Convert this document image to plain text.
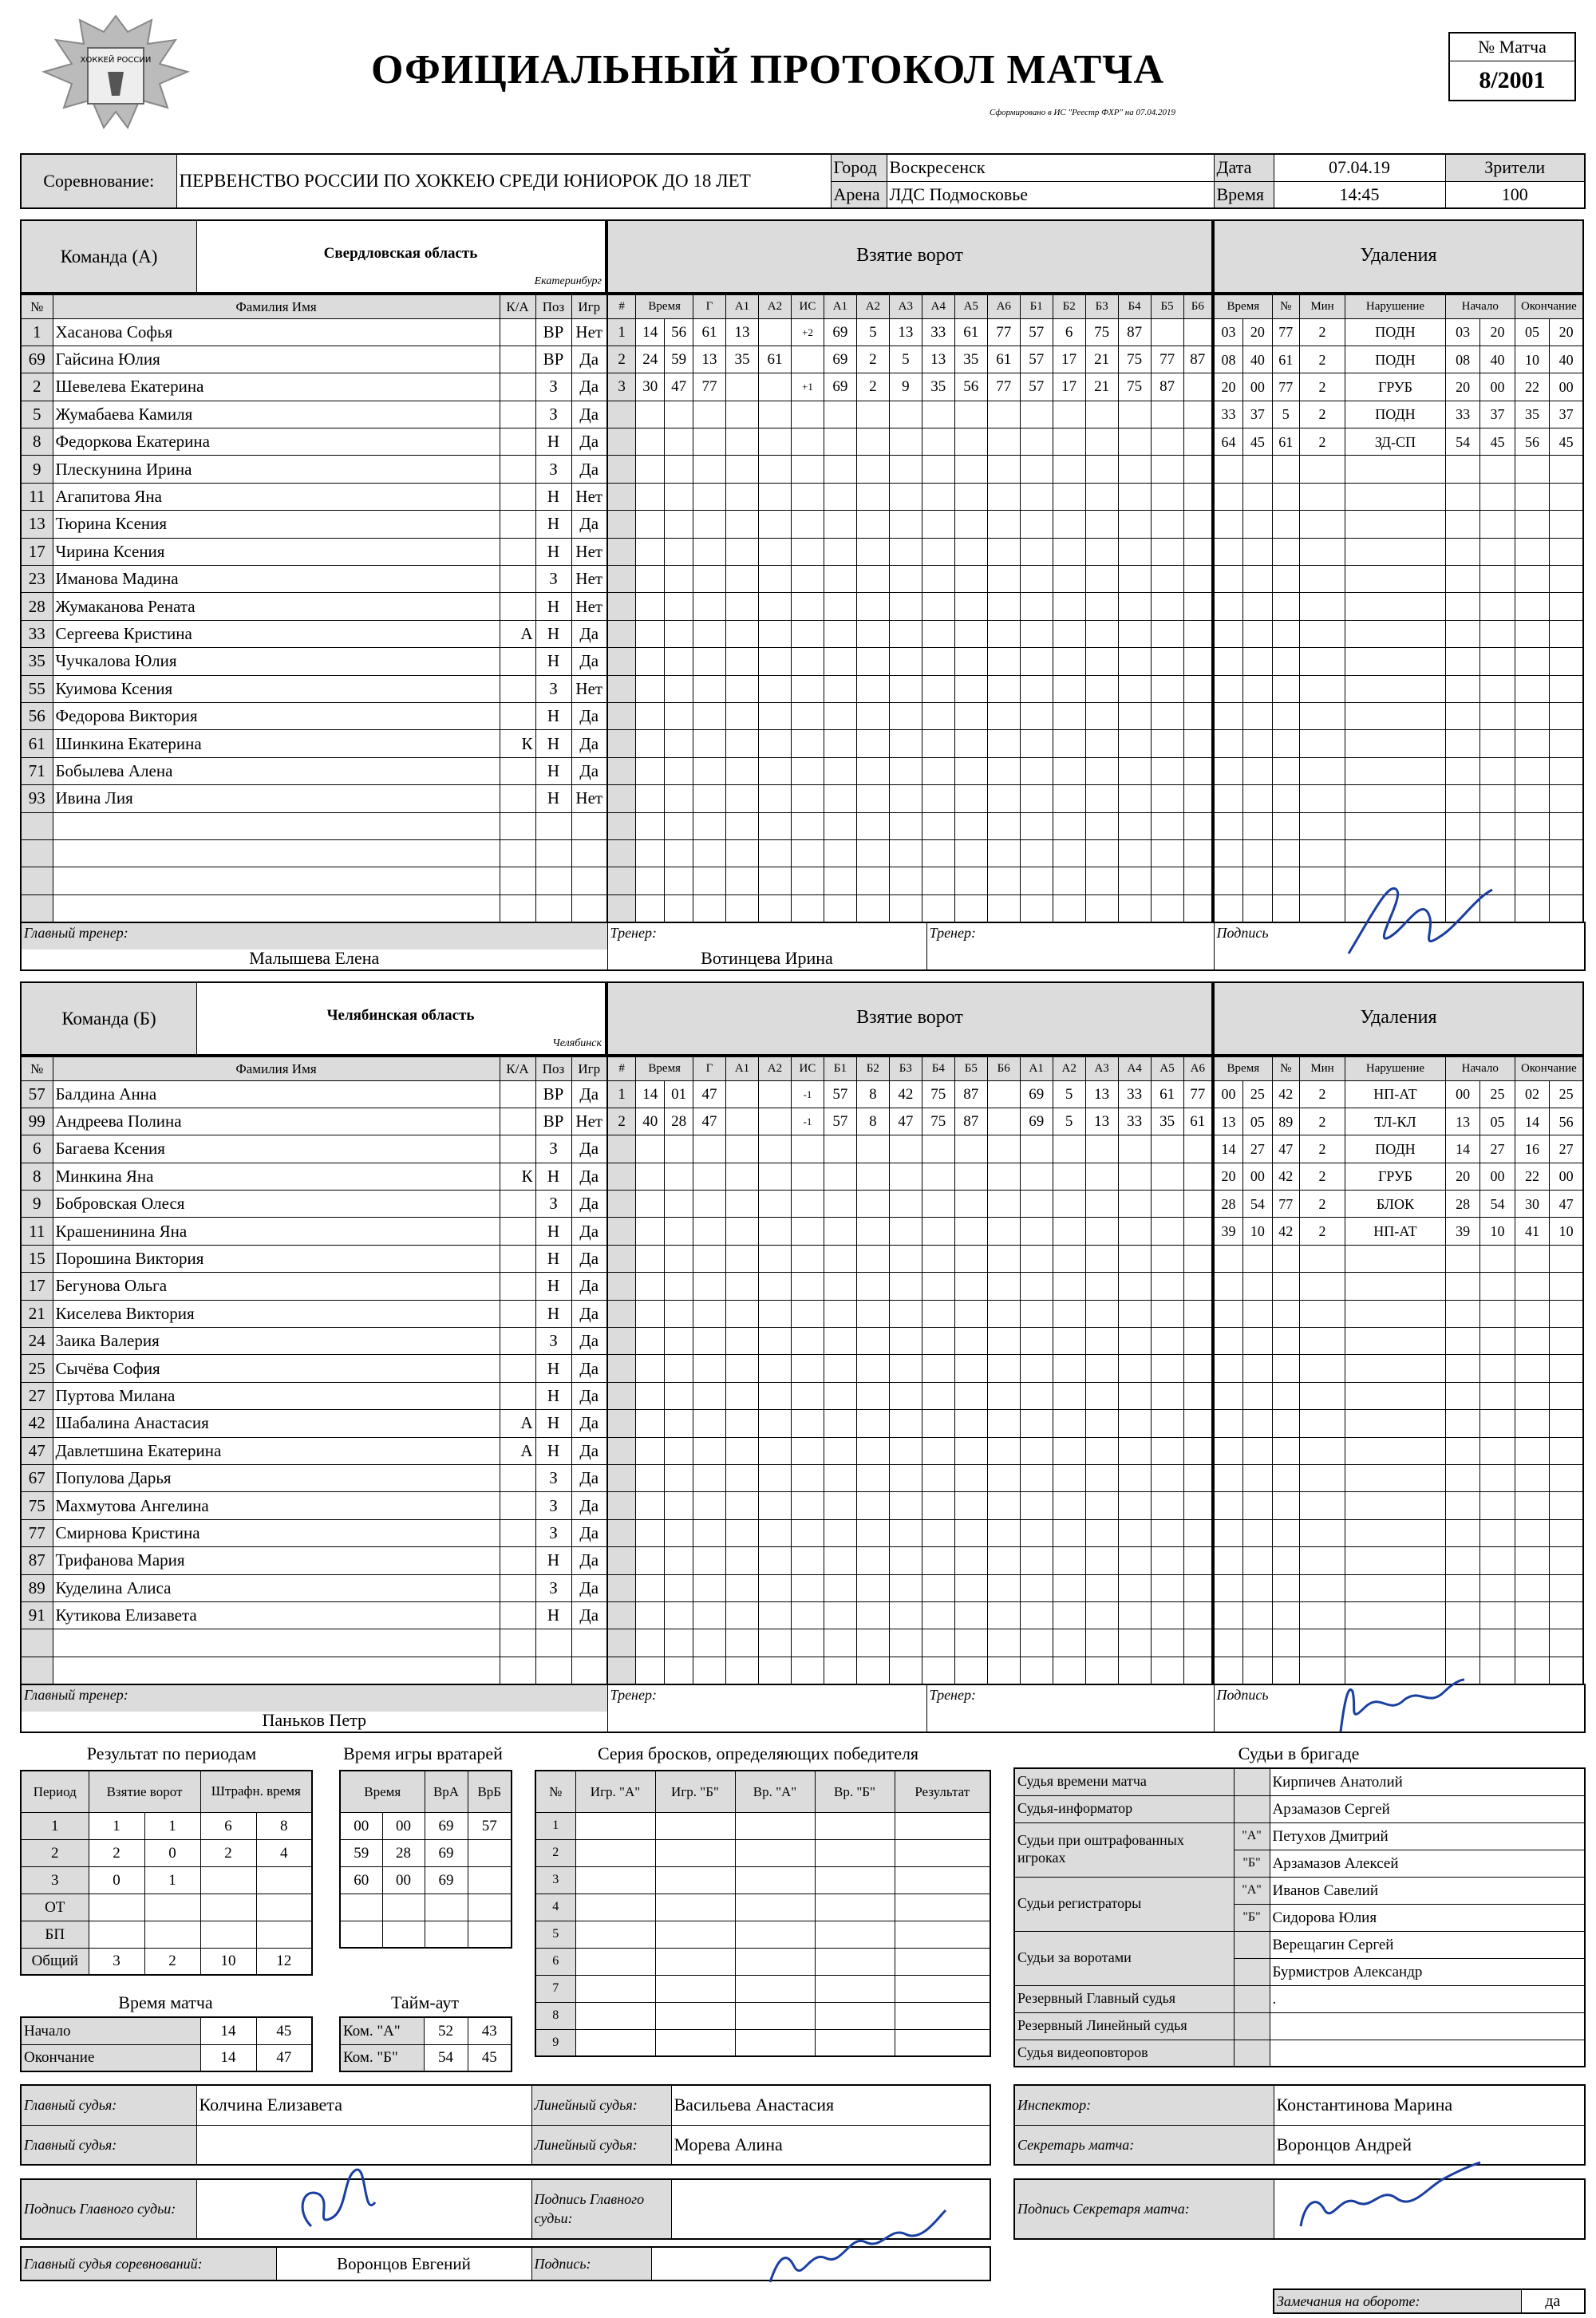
ХОККЕЙ РОССИИ	ОФИЦИАЛЬНЫЙ ПРОТОКОЛ МАТЧА
Сформировано в ИС "Реестр ФХР" на 07.04.2019
№ Матча
8/2001
Соревнование:	ПЕРВЕНСТВО РОССИИ ПО ХОККЕЮ СРЕДИ ЮНИОРОК ДО 18 ЛЕТ	Город	Воскресенск	Дата	07.04.19	Зрители
		Арена	ЛДС Подмосковье	Время	14:45	100
Команда (А)	Свердловская область
Екатеринбург
Взятие ворот	Удаления
№	Фамилия Имя	К/А	Поз	Игр
1	Хасанова Софья		ВР	Нет
69	Гайсина Юлия		ВР	Да
2	Шевелева Екатерина		З	Да
5	Жумабаева Камиля		З	Да
8	Федоркова Екатерина		Н	Да
9	Плескунина Ирина		З	Да
11	Агапитова Яна		Н	Нет
13	Тюрина Ксения		Н	Да
17	Чирина Ксения		Н	Нет
23	Иманова Мадина		З	Нет
28	Жумаканова Рената		Н	Нет
33	Сергеева Кристина	А	Н	Да
35	Чучкалова Юлия		Н	Да
55	Куимова Ксения		З	Нет
56	Федорова Виктория		Н	Да
61	Шинкина Екатерина	К	Н	Да
71	Бобылева Алена		Н	Да
93	Ивина Лия		Н	Нет

#	Время		Г	А1	А2	ИС	А1	А2	А3	А4	А5	А6	Б1	Б2	Б3	Б4	Б5	Б6
1	14	56	61	13		+2	69	5	13	33	61	77	57	6	75	87		
2	24	59	13	35	61		69	2	5	13	35	61	57	17	21	75	77	87
3	30	47	77			+1	69	2	9	35	56	77	57	17	21	75	87	

Время		№	Мин	Нарушение	Начало		Окончание	
03	20	77	2	ПОДН	03	20	05	20
08	40	61	2	ПОДН	08	40	10	40
20	00	77	2	ГРУБ	20	00	22	00
33	37	5	2	ПОДН	33	37	35	37
64	45	61	2	ЗД-СП	54	45	56	45

Главный тренер:
Малышева Елена

Тренер:
Вотинцева Ирина

Тренер:	Подпись
Команда (Б)	Челябинская область
Челябинск
Взятие ворот	Удаления
№	Фамилия Имя	К/А	Поз	Игр
57	Балдина Анна		ВР	Да
99	Андреева Полина		ВР	Нет
6	Багаева Ксения		З	Да
8	Минкина Яна	К	Н	Да
9	Бобровская Олеся		З	Да
11	Крашенинина Яна		Н	Да
15	Порошина Виктория		Н	Да
17	Бегунова Ольга		Н	Да
21	Киселева Виктория		Н	Да
24	Заика Валерия		З	Да
25	Сычёва София		Н	Да
27	Пуртова Милана		Н	Да
42	Шабалина Анастасия	А	Н	Да
47	Давлетшина Екатерина	А	Н	Да
67	Популова Дарья		З	Да
75	Махмутова Ангелина		З	Да
77	Смирнова Кристина		З	Да
87	Трифанова Мария		Н	Да
89	Куделина Алиса		З	Да
91	Кутикова Елизавета		Н	Да

#	Время		Г	А1	А2	ИС	Б1	Б2	Б3	Б4	Б5	Б6	А1	А2	А3	А4	А5	А6
1	14	01	47			-1	57	8	42	75	87		69	5	13	33	61	77
2	40	28	47			-1	57	8	47	75	87		69	5	13	33	35	61

Время		№	Мин	Нарушение	Начало		Окончание	
00	25	42	2	НП-АТ	00	25	02	25
13	05	89	2	ТЛ-КЛ	13	05	14	56
14	27	47	2	ПОДН	14	27	16	27
20	00	42	2	ГРУБ	20	00	22	00
28	54	77	2	БЛОК	28	54	30	47
39	10	42	2	НП-АТ	39	10	41	10

Главный тренер:
Паньков Петр

Тренер:	Тренер:	Подпись
Результат по периодам
Период	Взятие ворот		Штрафн. время	
1	1	1	6	8
2	2	0	2	4
3	0	1		
ОТ				
БП				
Общий	3	2	10	12
Время матча
Начало	14	45
Окончание	14	47
Время игры вратарей
Время		ВрА	ВрБ
00	00	69	57
59	28	69	
60	00	69	

Тайм-аут
Ком. "А"	52	43
Ком. "Б"	54	45
Серия бросков, определяющих победителя
№	Игр. "А"	Игр. "Б"	Вр. "А"	Вр. "Б"	Результат
1					
2					
3					
4					
5					
6					
7					
8					
9					
Судьи в бригаде
Судья времени матча		Кирпичев Анатолий
Судья-информатор		Арзамазов Сергей
Судьи при оштрафованных игроках	"А"	Петухов Дмитрий
	"Б"	Арзамазов Алексей
Судьи регистраторы	"А"	Иванов Савелий
	"Б"	Сидорова Юлия
Судьи за воротами		Верещагин Сергей
		Бурмистров Александр
Резервный Главный судья		.
Резервный Линейный судья		
Судья видеоповторов		
Главный судья:	Колчина Елизавета	Линейный судья:	Васильева Анастасия
Главный судья:		Линейный судья:	Морева Алина
Инспектор:	Константинова Марина
Секретарь матча:	Воронцов Андрей
Подпись Главного судьи:		Подпись Главного судьи:	
Подпись Секретаря матча:	
Главный судья соревнований:	Воронцов Евгений	Подпись:	
Замечания на обороте:	да
